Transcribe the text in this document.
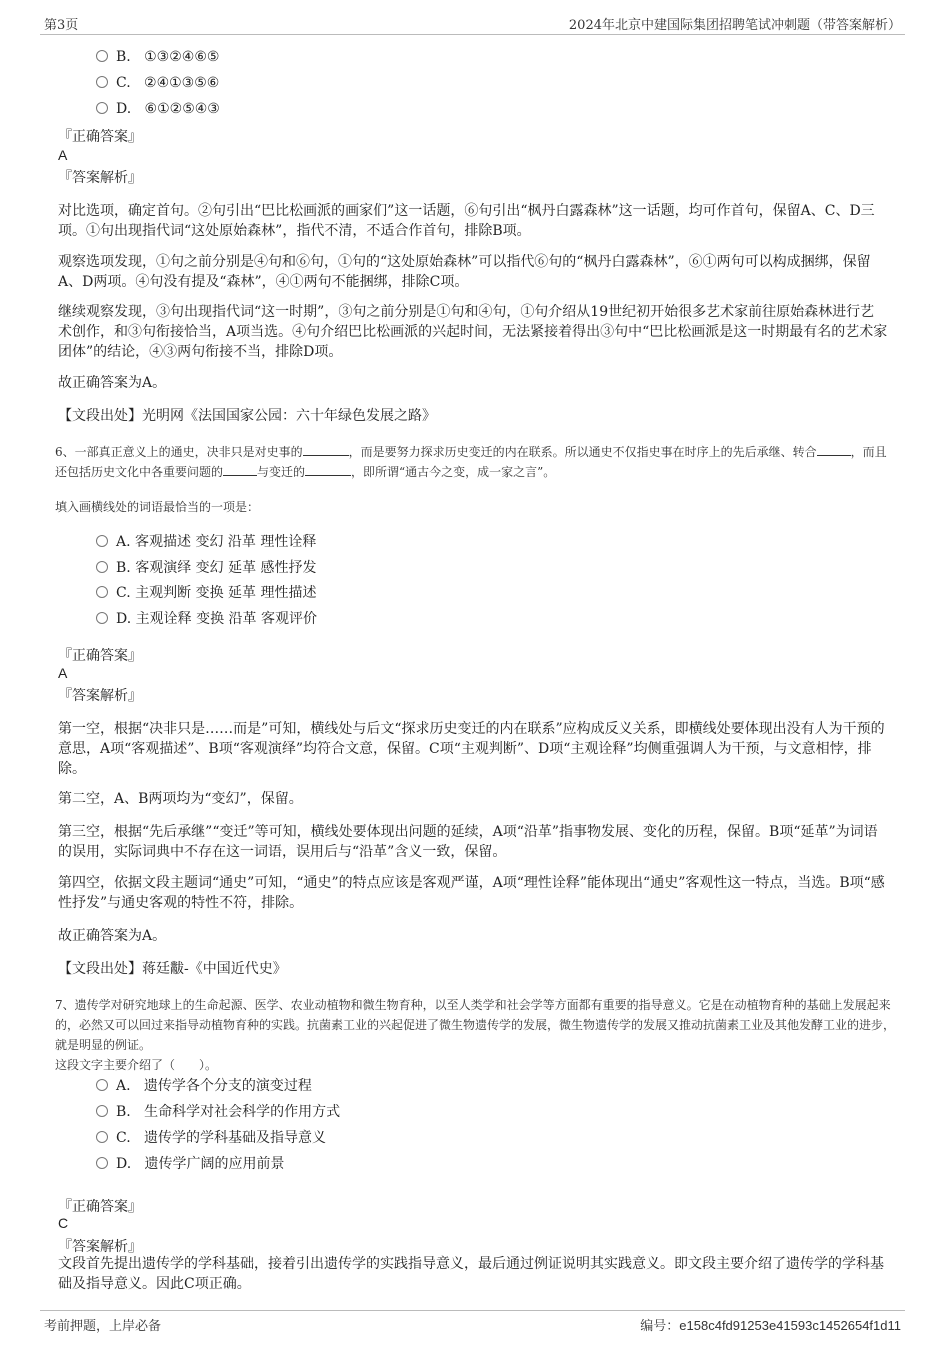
第3页	2024年北京中建国际集团招聘笔试冲刺题（带答案解析）
B. ①③②④⑥⑤
C. ②④①③⑤⑥
D. ⑥①②⑤④③
『正确答案』
A
『答案解析』
对比选项，确定首句。②句引出“巴比松画派的画家们”这一话题，⑥句引出“枫丹白露森林”这一话题，均可作首句，保留A、C、D三项。①句出现指代词“这处原始森林”，指代不清，不适合作首句，排除B项。
观察选项发现，①句之前分别是④句和⑥句，①句的“这处原始森林”可以指代⑥句的“枫丹白露森林”，⑥①两句可以构成捆绑，保留A、D两项。④句没有提及“森林”，④①两句不能捆绑，排除C项。
继续观察发现，③句出现指代词“这一时期”，③句之前分别是①句和④句，①句介绍从19世纪初开始很多艺术家前往原始森林进行艺术创作，和③句衔接恰当，A项当选。④句介绍巴比松画派的兴起时间，无法紧接着得出③句中“巴比松画派是这一时期最有名的艺术家团体”的结论，④③两句衔接不当，排除D项。
故正确答案为A。
【文段出处】光明网《法国国家公园：六十年绿色发展之路》
6、一部真正意义上的通史，决非只是对史事的	，而是要努力探求历史变迁的内在联系。所以通史不仅指史事在时序上的先后承继、转合	，而且还包括历史文化中各重要问题的	与变迁的	，即所谓“通古今之变，成一家之言”。
填入画横线处的词语最恰当的一项是：
A. 客观描述 变幻 沿革 理性诠释
B. 客观演绎 变幻 延革 感性抒发
C. 主观判断 变换 延革 理性描述
D. 主观诠释 变换 沿革 客观评价
『正确答案』
A
『答案解析』
第一空，根据“决非只是……而是”可知，横线处与后文“探求历史变迁的内在联系”应构成反义关系，即横线处要体现出没有人为干预的意思，A项“客观描述”、B项“客观演绎”均符合文意，保留。C项“主观判断”、D项“主观诠释”均侧重强调人为干预，与文意相悖，排除。
第二空，A、B两项均为“变幻”，保留。
第三空，根据“先后承继”“变迁”等可知，横线处要体现出问题的延续，A项“沿革”指事物发展、变化的历程，保留。B项“延革”为词语的误用，实际词典中不存在这一词语，误用后与“沿革”含义一致，保留。
第四空，依据文段主题词“通史”可知，“通史”的特点应该是客观严谨，A项“理性诠释”能体现出“通史”客观性这一特点，当选。B项“感性抒发”与通史客观的特性不符，排除。
故正确答案为A。
【文段出处】蒋廷黻-《中国近代史》
7、遗传学对研究地球上的生命起源、医学、农业动植物和微生物育种，以至人类学和社会学等方面都有重要的指导意义。它是在动植物育种的基础上发展起来的，必然又可以回过来指导动植物育种的实践。抗菌素工业的兴起促进了微生物遗传学的发展，微生物遗传学的发展又推动抗菌素工业及其他发酵工业的进步，就是明显的例证。
这段文字主要介绍了（　　）。
A. 遗传学各个分支的演变过程
B. 生命科学对社会科学的作用方式
C. 遗传学的学科基础及指导意义
D. 遗传学广阔的应用前景
『正确答案』
C
『答案解析』
文段首先提出遗传学的学科基础，接着引出遗传学的实践指导意义，最后通过例证说明其实践意义。即文段主要介绍了遗传学的学科基础及指导意义。因此C项正确。
考前押题，上岸必备	编号：e158c4fd91253e41593c1452654f1d11
